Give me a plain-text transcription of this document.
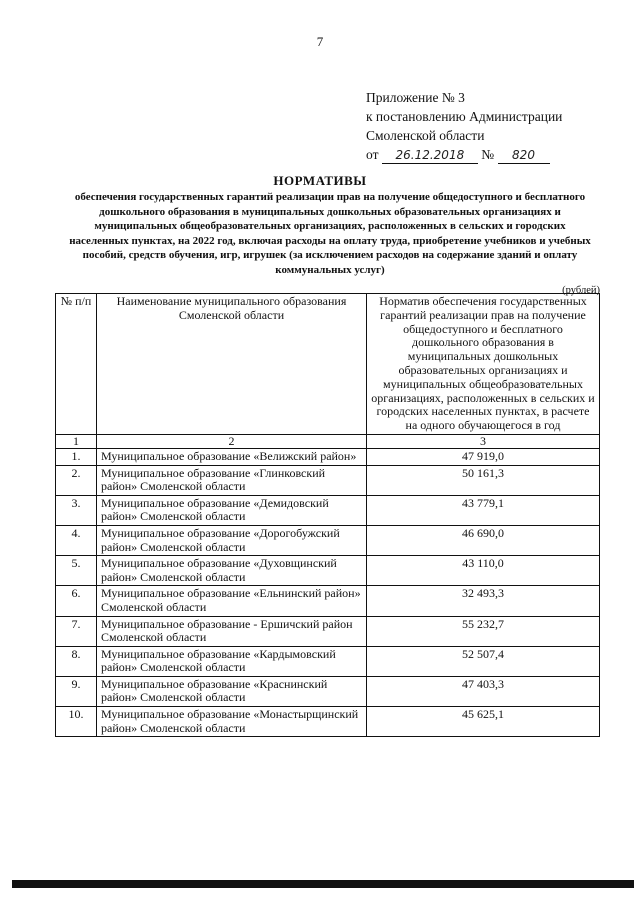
7
Приложение № 3
к постановлению Администрации
Смоленской области
от 26.12.2018 № 820
НОРМАТИВЫ
обеспечения государственных гарантий реализации прав на получение общедоступного и бесплатного дошкольного образования в муниципальных дошкольных образовательных организациях и муниципальных общеобразовательных организациях, расположенных в сельских и городских населенных пунктах, на 2022 год, включая расходы на оплату труда, приобретение учебников и учебных пособий, средств обучения, игр, игрушек (за исключением расходов на содержание зданий и оплату коммунальных услуг)
(рублей)
№ п/п	Наименование муниципального образования Смоленской области	Норматив обеспечения государственных гарантий реализации прав на получение общедоступного и бесплатного дошкольного образования в муниципальных дошкольных образовательных организациях и муниципальных общеобразовательных организациях, расположенных в сельских и городских населенных пунктах, в расчете на одного обучающегося в год
1	2	3
1.	Муниципальное образование «Велижский район»	47 919,0
2.	Муниципальное образование «Глинковский район» Смоленской области	50 161,3
3.	Муниципальное образование «Демидовский район» Смоленской области	43 779,1
4.	Муниципальное образование «Дорогобужский район» Смоленской области	46 690,0
5.	Муниципальное образование «Духовщинский район» Смоленской области	43 110,0
6.	Муниципальное образование «Ельнинский район» Смоленской области	32 493,3
7.	Муниципальное образование - Ершичский район Смоленской области	55 232,7
8.	Муниципальное образование «Кардымовский район» Смоленской области	52 507,4
9.	Муниципальное образование «Краснинский район» Смоленской области	47 403,3
10.	Муниципальное образование «Монастырщинский район» Смоленской области	45 625,1
